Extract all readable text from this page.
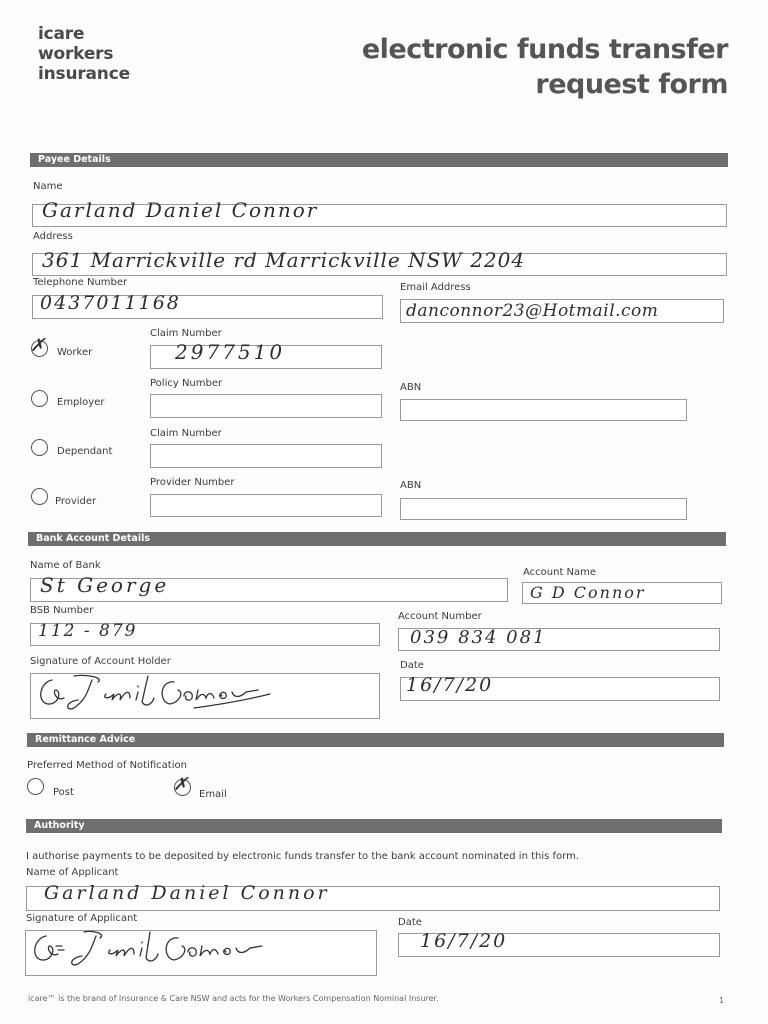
icare
workers
insurance
electronic funds transfer
request form
Payee Details
Name
Garland Daniel Connor
Address
361 Marrickville rd Marrickville NSW 2204
Telephone Number
0437011168
Email Address
danconnor23@Hotmail.com
Claim Number
2977510
✗ Worker
Policy Number	ABN
Employer
Claim Number
Dependant
Provider Number	ABN
Provider
Bank Account Details
Name of Bank
St George
Account Name
G D Connor
BSB Number
112 - 879
Account Number
039 834 081
Signature of Account Holder	Date
16/7/20
Remittance Advice
Preferred Method of Notification
Post	✗ Email
Authority
I authorise payments to be deposited by electronic funds transfer to the bank account nominated in this form.
Name of Applicant
Garland Daniel Connor
Signature of Applicant	Date
16/7/20
icare™ is the brand of Insurance & Care NSW and acts for the Workers Compensation Nominal Insurer.	1
